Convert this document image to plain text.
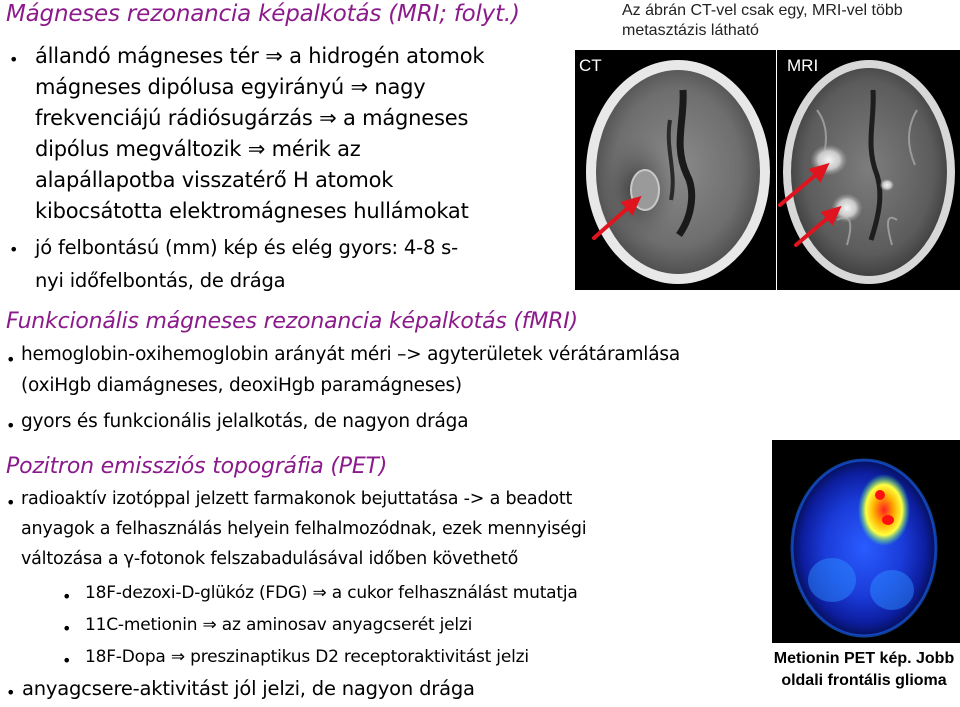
Mágneses rezonancia képalkotás (MRI; folyt.)
• állandó mágneses tér ⇒ a hidrogén atomok
mágneses dipólusa egyirányú ⇒ nagy
frekvenciájú rádiósugárzás ⇒ a mágneses
dipólus megváltozik ⇒ mérik az
alapállapotba visszatérő H atomok
kibocsátotta elektromágneses hullámokat
• jó felbontású (mm) kép és elég gyors: 4-8 s-
nyi időfelbontás, de drága
Az ábrán CT-vel csak egy, MRI-vel több
metasztázis látható
CT	MRI
Funkcionális mágneses rezonancia képalkotás (fMRI)
• hemoglobin-oxihemoglobin arányát méri –> agyterületek vérátáramlása
(oxiHgb diamágneses, deoxiHgb paramágneses)
• gyors és funkcionális jelalkotás, de nagyon drága
Pozitron emissziós topográfia (PET)
• radioaktív izotóppal jelzett farmakonok bejuttatása -> a beadott
anyagok a felhasználás helyein felhalmozódnak, ezek mennyiségi
változása a γ-fotonok felszabadulásával időben követhető
• 18F-dezoxi-D-glükóz (FDG) ⇒ a cukor felhasználást mutatja
• 11C-metionin ⇒ az aminosav anyagcserét jelzi
• 18F-Dopa ⇒ preszinaptikus D2 receptoraktivitást jelzi
• anyagcsere-aktivitást jól jelzi, de nagyon drága
Metionin PET kép. Jobb
oldali frontális glioma
